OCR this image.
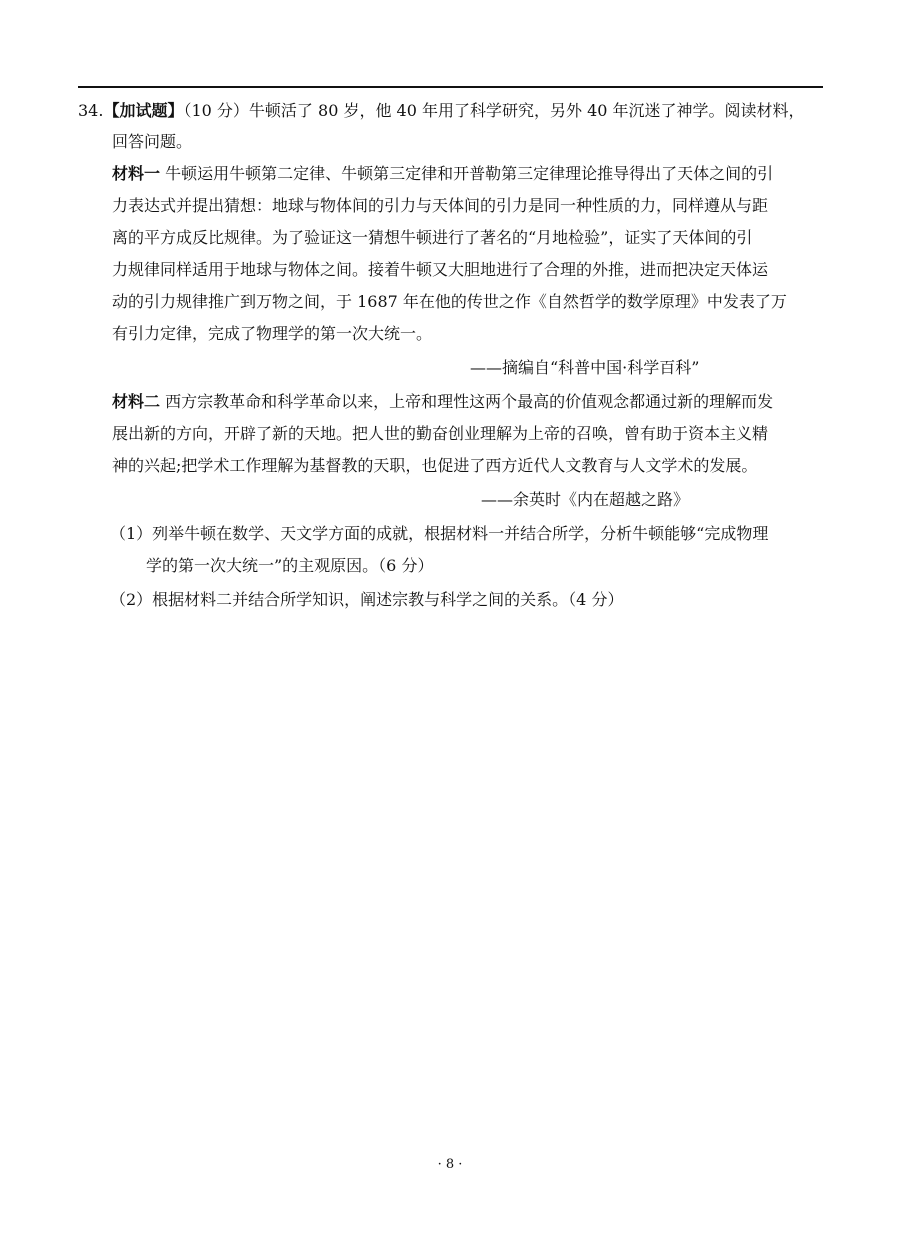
34.【加试题】（10 分）牛顿活了 80 岁，他 40 年用了科学研究，另外 40 年沉迷了神学。阅读材料，
回答问题。
材料一 牛顿运用牛顿第二定律、牛顿第三定律和开普勒第三定律理论推导得出了天体之间的引
力表达式并提出猜想：地球与物体间的引力与天体间的引力是同一种性质的力，同样遵从与距
离的平方成反比规律。为了验证这一猜想牛顿进行了著名的“月地检验”，证实了天体间的引
力规律同样适用于地球与物体之间。接着牛顿又大胆地进行了合理的外推，进而把决定天体运
动的引力规律推广到万物之间，于 1687 年在他的传世之作《自然哲学的数学原理》中发表了万
有引力定律，完成了物理学的第一次大统一。
——摘编自“科普中国·科学百科”
材料二 西方宗教革命和科学革命以来，上帝和理性这两个最高的价值观念都通过新的理解而发
展出新的方向，开辟了新的天地。把人世的勤奋创业理解为上帝的召唤，曾有助于资本主义精
神的兴起;把学术工作理解为基督教的天职，也促进了西方近代人文教育与人文学术的发展。
——余英时《内在超越之路》
（1）列举牛顿在数学、天文学方面的成就，根据材料一并结合所学，分析牛顿能够“完成物理
学的第一次大统一”的主观原因。（6 分）
（2）根据材料二并结合所学知识，阐述宗教与科学之间的关系。（4 分）
· 8 ·
